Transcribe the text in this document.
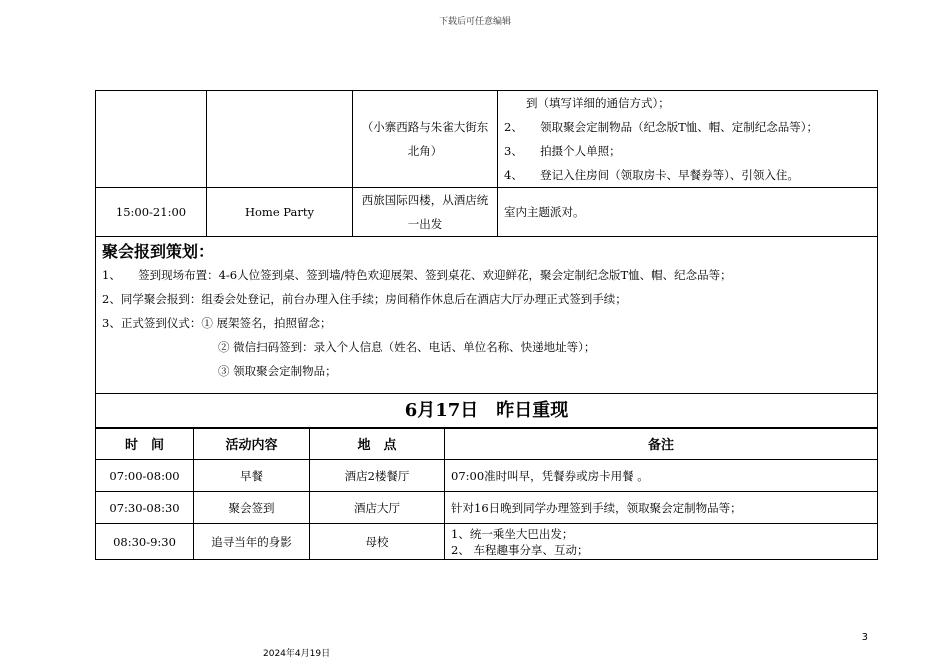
下载后可任意编辑
		（小寨西路与朱雀大街东北角）	到（填写详细的通信方式）；
2、　　领取聚会定制物品（纪念版T恤、帽、定制纪念品等）；
3、　　拍摄个人单照；
4、　　登记入住房间（领取房卡、早餐券等）、引领入住。

15:00-21:00	Home Party	西旅国际四楼，从酒店统一出发	室内主题派对。
聚会报到策划：
1、　　签到现场布置：4-6人位签到桌、签到墙/特色欢迎展架、签到桌花、欢迎鲜花，聚会定制纪念版T恤、帽、纪念品等；
2、同学聚会报到：组委会处登记，前台办理入住手续；房间稍作休息后在酒店大厅办理正式签到手续；
3、正式签到仪式：① 展架签名，拍照留念；
② 微信扫码签到：录入个人信息（姓名、电话、单位名称、快递地址等）；
③ 领取聚会定制物品；
6月17日　昨日重现
时　间	活动内容	地　点	备注
07:00-08:00	早餐	酒店2楼餐厅	07:00准时叫早，凭餐券或房卡用餐 。
07:30-08:30	聚会签到	酒店大厅	针对16日晚到同学办理签到手续，领取聚会定制物品等；
08:30-9:30	追寻当年的身影	母校	1、统一乘坐大巴出发；
2、 车程趣事分享、互动；
3
2024年4月19日
